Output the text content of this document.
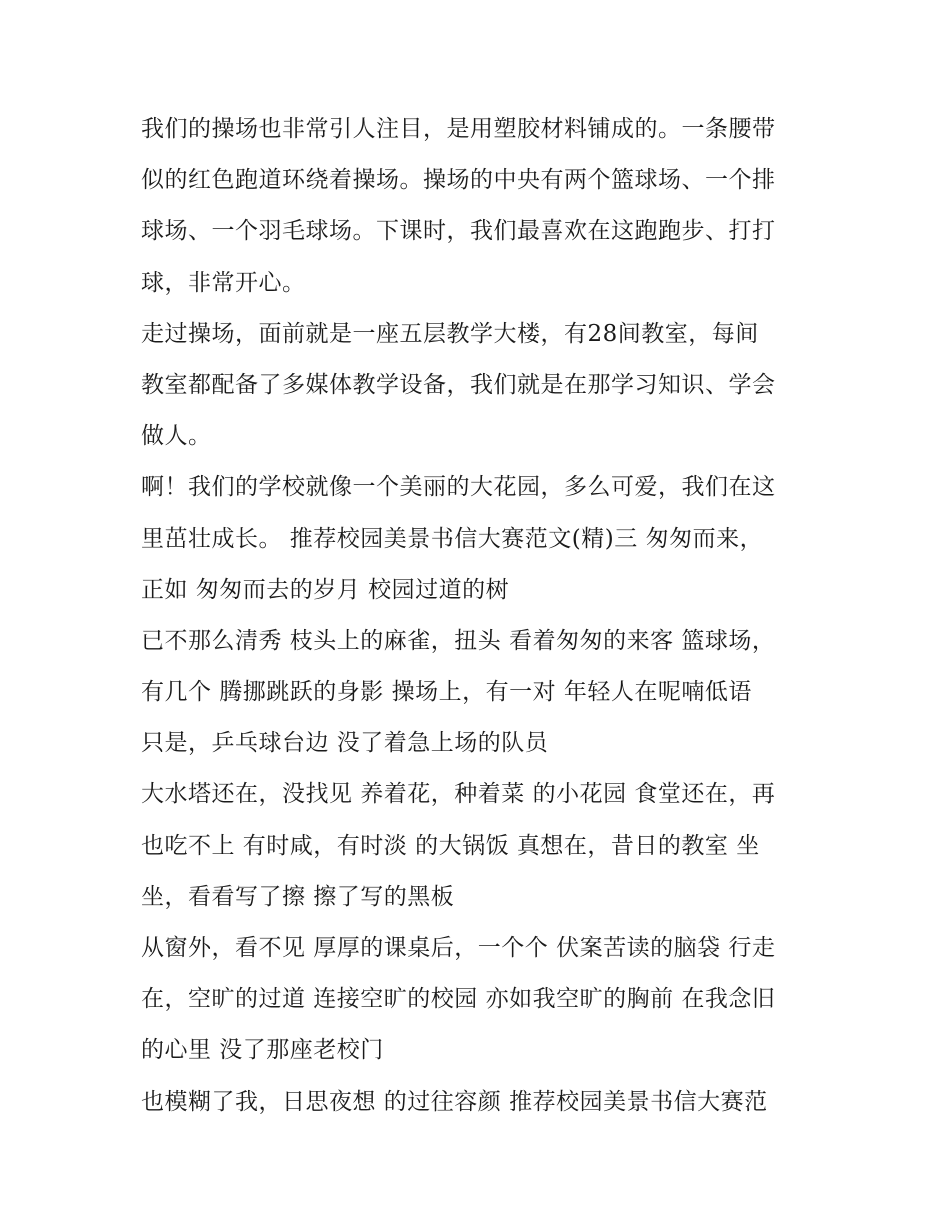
我们的操场也非常引人注目，是用塑胶材料铺成的。一条腰带
似的红色跑道环绕着操场。操场的中央有两个篮球场、一个排
球场、一个羽毛球场。下课时，我们最喜欢在这跑跑步、打打
球，非常开心。
走过操场，面前就是一座五层教学大楼，有28间教室，每间
教室都配备了多媒体教学设备，我们就是在那学习知识、学会
做人。
啊！我们的学校就像一个美丽的大花园，多么可爱，我们在这
里茁壮成长。 推荐校园美景书信大赛范文(精)三 匆匆而来，
正如 匆匆而去的岁月 校园过道的树
已不那么清秀 枝头上的麻雀，扭头 看着匆匆的来客 篮球场，
有几个 腾挪跳跃的身影 操场上，有一对 年轻人在呢喃低语
只是，乒乓球台边 没了着急上场的队员
大水塔还在，没找见 养着花，种着菜 的小花园 食堂还在，再
也吃不上 有时咸，有时淡 的大锅饭 真想在，昔日的教室 坐
坐，看看写了擦 擦了写的黑板
从窗外，看不见 厚厚的课桌后，一个个 伏案苦读的脑袋 行走
在，空旷的过道 连接空旷的校园 亦如我空旷的胸前 在我念旧
的心里 没了那座老校门
也模糊了我，日思夜想 的过往容颜 推荐校园美景书信大赛范
